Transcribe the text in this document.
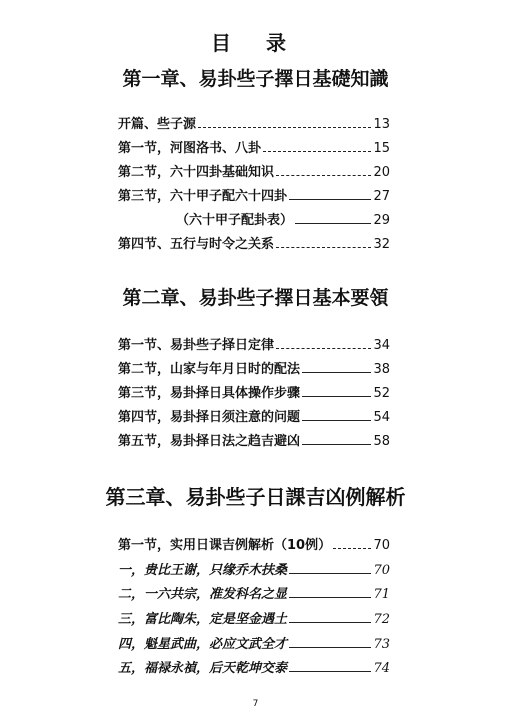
目 录
第一章、易卦些子擇日基礎知識
开篇、些子源	13
第一节，河图洛书、八卦	15
第二节，六十四卦基础知识	20
第三节，六十甲子配六十四卦	27
（六十甲子配卦表）	29
第四节、五行与时令之关系	32
第二章、易卦些子擇日基本要領
第一节、易卦些子择日定律	34
第二节，山家与年月日时的配法	38
第三节，易卦择日具体操作步骤	52
第四节，易卦择日须注意的问题	54
第五节，易卦择日法之趋吉避凶	58
第三章、易卦些子日課吉凶例解析
第一节，实用日课吉例解析（10例）	70
一，贵比王谢，只缘乔木扶桑	70
二，一六共宗，准发科名之显	71
三，富比陶朱，定是坚金遇土	72
四，魁星武曲，必应文武全才	73
五，福禄永禎，后天乾坤交泰	74
7
